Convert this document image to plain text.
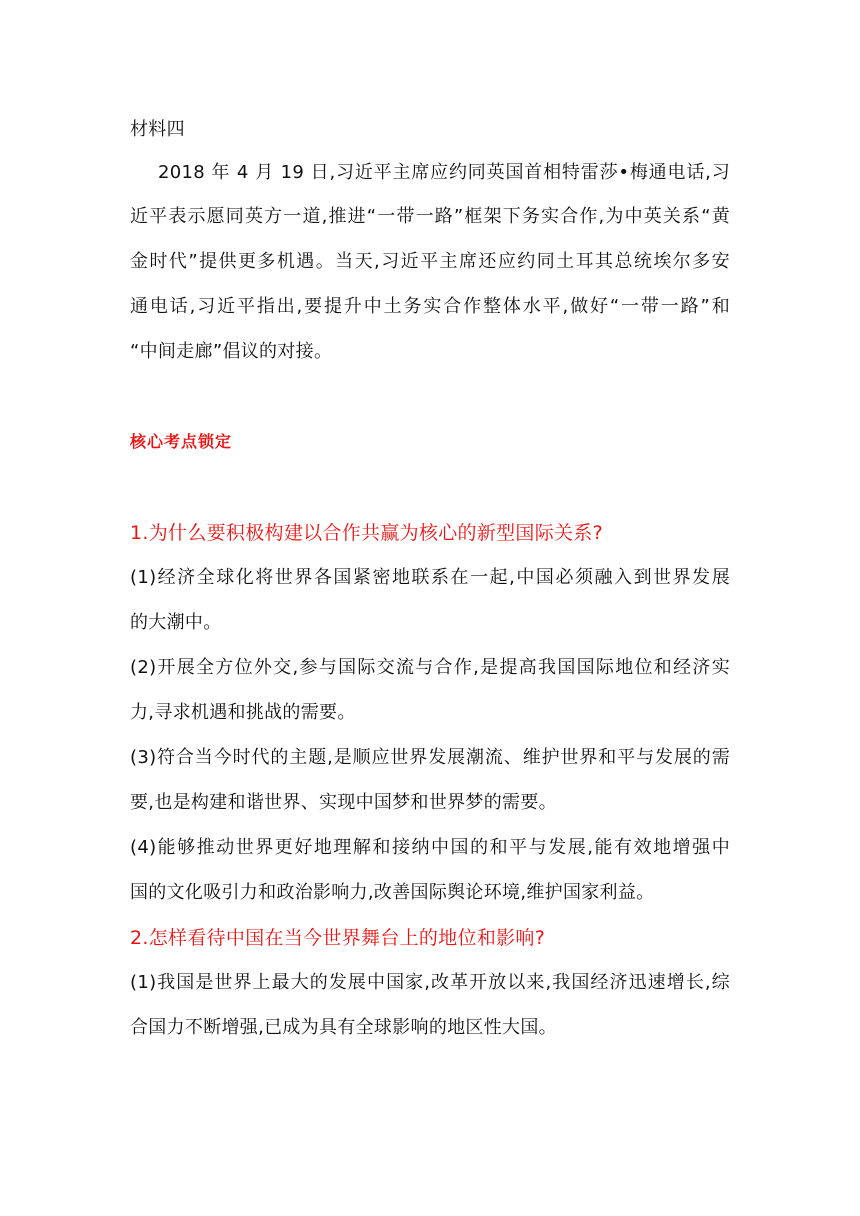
材料四
2018 年 4 月 19 日,习近平主席应约同英国首相特雷莎•梅通电话,习
近平表示愿同英方一道,推进“一带一路”框架下务实合作,为中英关系“黄
金时代”提供更多机遇。当天,习近平主席还应约同土耳其总统埃尔多安
通电话,习近平指出,要提升中土务实合作整体水平,做好“一带一路”和
“中间走廊”倡议的对接。
核心考点锁定
1.为什么要积极构建以合作共赢为核心的新型国际关系?
(1)经济全球化将世界各国紧密地联系在一起,中国必须融入到世界发展
的大潮中。
(2)开展全方位外交,参与国际交流与合作,是提高我国国际地位和经济实
力,寻求机遇和挑战的需要。
(3)符合当今时代的主题,是顺应世界发展潮流、维护世界和平与发展的需
要,也是构建和谐世界、实现中国梦和世界梦的需要。
(4)能够推动世界更好地理解和接纳中国的和平与发展,能有效地增强中
国的文化吸引力和政治影响力,改善国际舆论环境,维护国家利益。
2.怎样看待中国在当今世界舞台上的地位和影响?
(1)我国是世界上最大的发展中国家,改革开放以来,我国经济迅速增长,综
合国力不断增强,已成为具有全球影响的地区性大国。
